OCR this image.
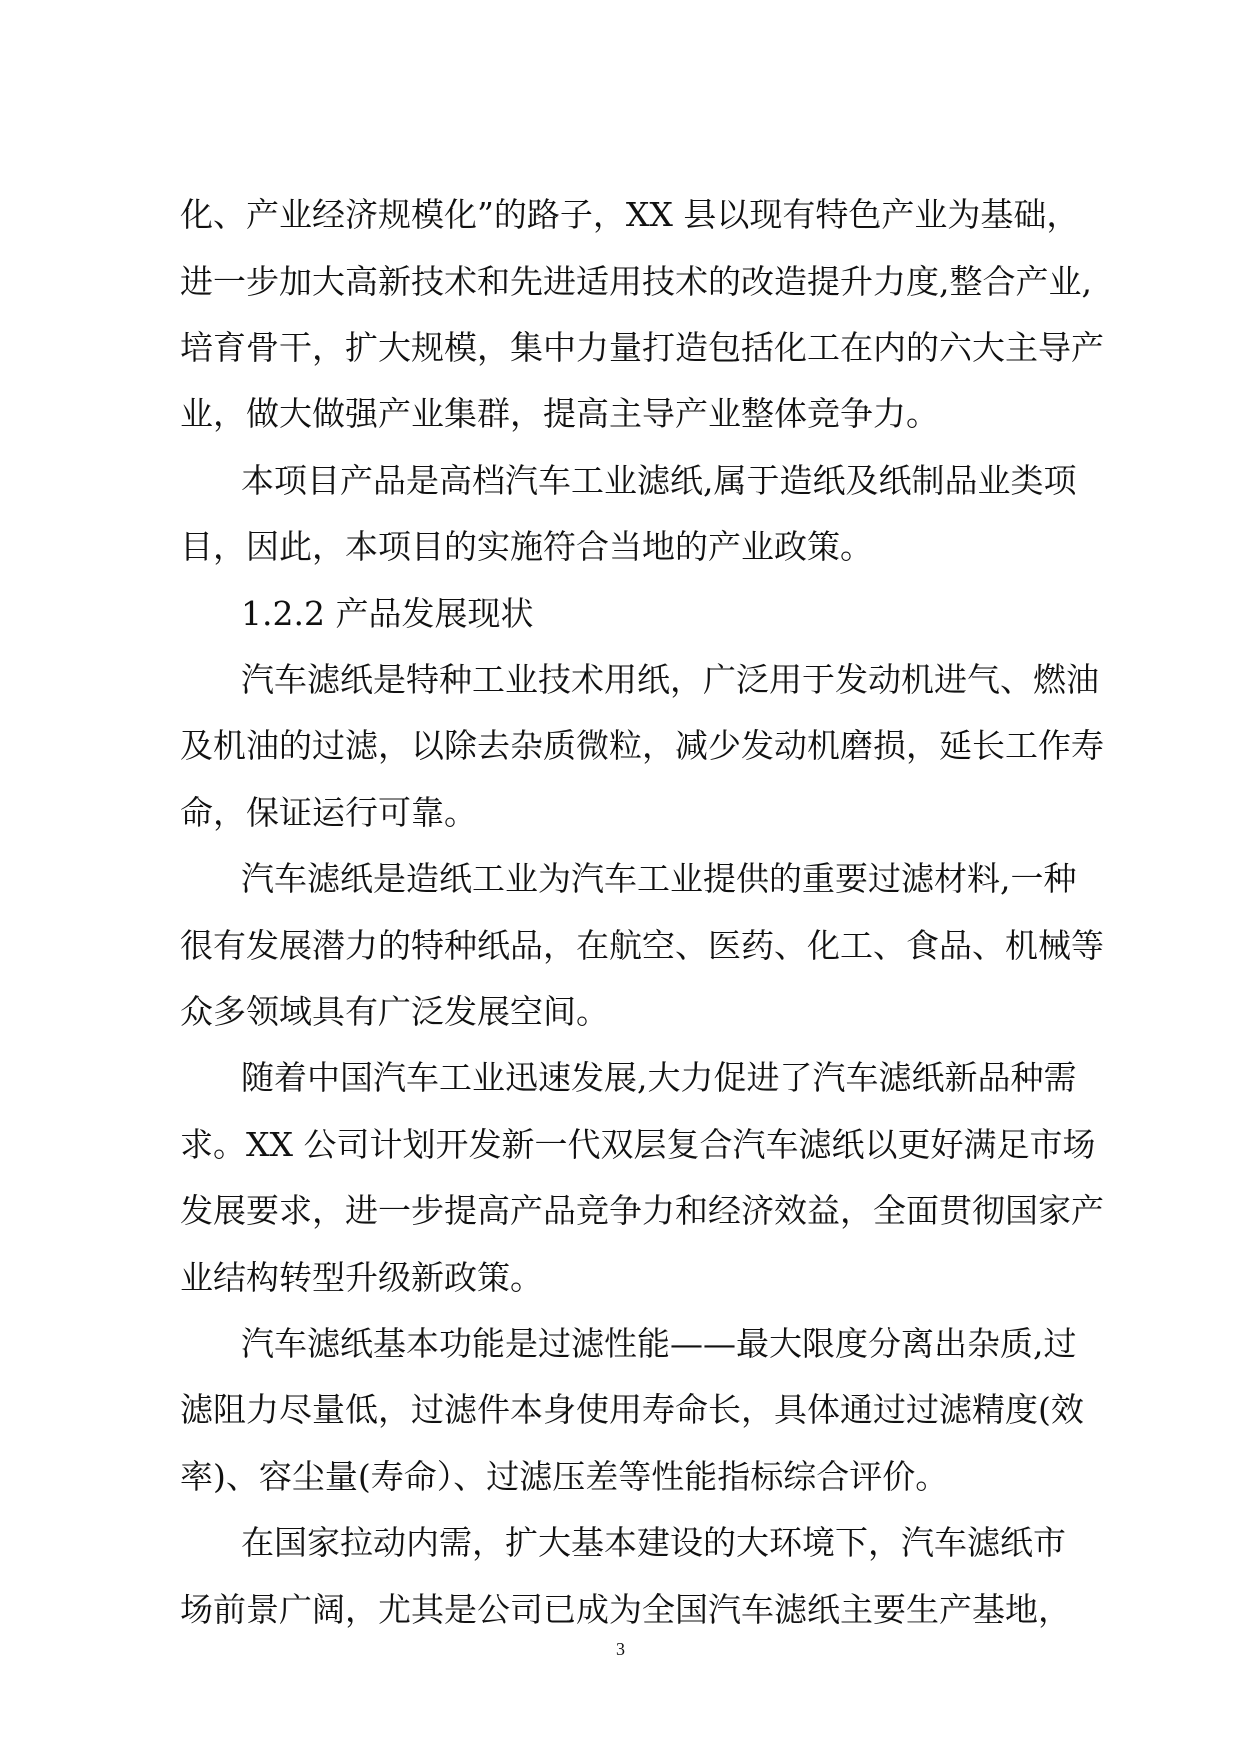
化、产业经济规模化”的路子，XX 县以现有特色产业为基础，
进一步加大高新技术和先进适用技术的改造提升力度,整合产业,
培育骨干，扩大规模，集中力量打造包括化工在内的六大主导产
业，做大做强产业集群，提高主导产业整体竞争力。
本项目产品是高档汽车工业滤纸,属于造纸及纸制品业类项
目，因此，本项目的实施符合当地的产业政策。
1.2.2 产品发展现状
汽车滤纸是特种工业技术用纸，广泛用于发动机进气、燃油
及机油的过滤，以除去杂质微粒，减少发动机磨损，延长工作寿
命，保证运行可靠。
汽车滤纸是造纸工业为汽车工业提供的重要过滤材料,一种
很有发展潜力的特种纸品，在航空、医药、化工、食品、机械等
众多领域具有广泛发展空间。
随着中国汽车工业迅速发展,大力促进了汽车滤纸新品种需
求。XX 公司计划开发新一代双层复合汽车滤纸以更好满足市场
发展要求，进一步提高产品竞争力和经济效益，全面贯彻国家产
业结构转型升级新政策。
汽车滤纸基本功能是过滤性能——最大限度分离出杂质,过
滤阻力尽量低，过滤件本身使用寿命长，具体通过过滤精度(效
率)、容尘量(寿命）、过滤压差等性能指标综合评价。
在国家拉动内需，扩大基本建设的大环境下，汽车滤纸市
场前景广阔，尤其是公司已成为全国汽车滤纸主要生产基地，
3
